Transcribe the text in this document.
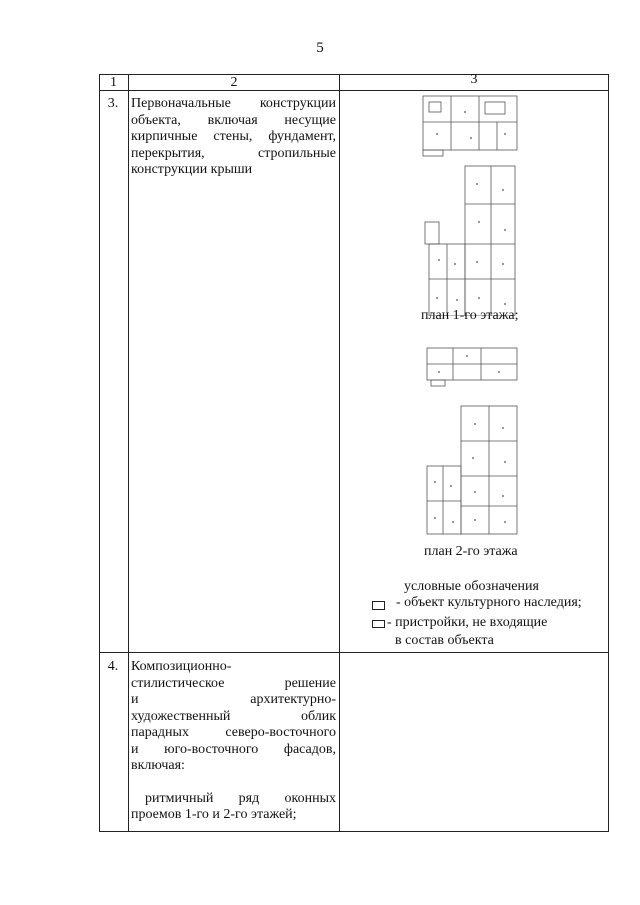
5
1	2	3
3. Первоначальные конструкции
объекта, включая несущие
кирпичные стены, фундамент,
перекрытия, стропильные
конструкции крыши
план 1-го этажа;
план 2-го этажа
условные обозначения
- объект культурного наследия;
- пристройки, не входящие
в состав объекта
4. Композиционно-
стилистическое решение
и архитектурно-
художественный облик
парадных северо-восточного
и юго-восточного фасадов,
включая:
ритмичный ряд оконных
проемов 1-го и 2-го этажей;
